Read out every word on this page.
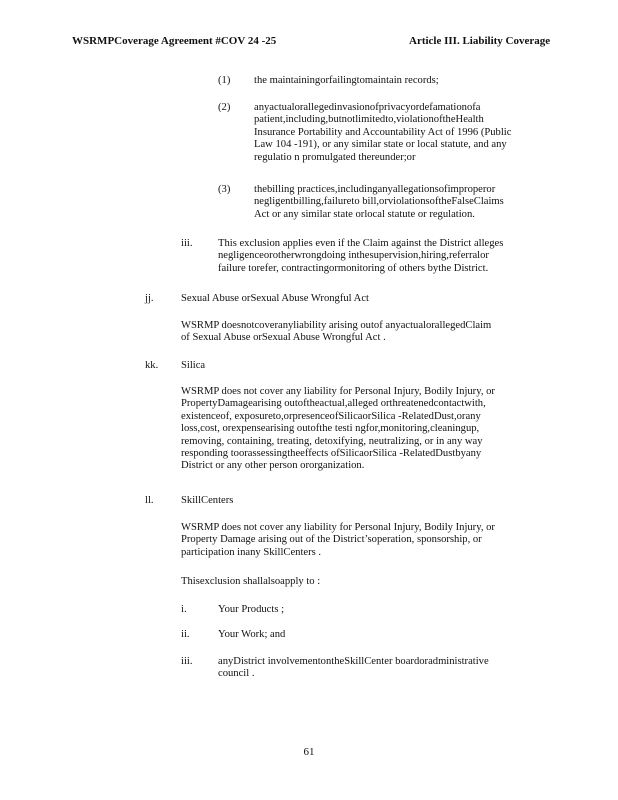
WSRMPCoverage Agreement #COV 24 -25	Article III. Liability Coverage
(1) the maintainingorfailingtomaintain records;
(2) anyactualorallegedinvasionofprivacyordefamationofa
patient,including,butnotlimitedto,violationoftheHealth
Insurance Portability and Accountability Act of 1996 (Public
Law 104 -191), or any similar state or local statute, and any
regulatio n promulgated thereunder;or
(3) thebilling practices,includinganyallegationsofimproperor
negligentbilling,failureto bill,orviolationsoftheFalseClaims
Act or any similar state orlocal statute or regulation.
iii. This exclusion applies even if the Claim against the District alleges
negligenceorotherwrongdoing inthesupervision,hiring,referralor
failure torefer, contractingormonitoring of others bythe District.
jj.	Sexual Abuse orSexual Abuse Wrongful Act
WSRMP doesnotcoveranyliability arising outof anyactualorallegedClaim
of Sexual Abuse orSexual Abuse Wrongful Act .
kk. Silica
WSRMP does not cover any liability for Personal Injury, Bodily Injury, or
PropertyDamagearising outoftheactual,alleged orthreatenedcontactwith,
existenceof, exposureto,orpresenceofSilicaorSilica -RelatedDust,orany
loss,cost, orexpensearising outofthe testi ngfor,monitoring,cleaningup,
removing, containing, treating, detoxifying, neutralizing, or in any way
responding toorassessingtheeffects ofSilicaorSilica -RelatedDustbyany
District or any other person ororganization.
ll.	SkillCenters
WSRMP does not cover any liability for Personal Injury, Bodily Injury, or
Property Damage arising out of the District’soperation, sponsorship, or
participation inany SkillCenters .
Thisexclusion shallalsoapply to :
i.	Your Products ;
ii.	Your Work; and
iii. anyDistrict involvementontheSkillCenter boardoradministrative
council .
61
